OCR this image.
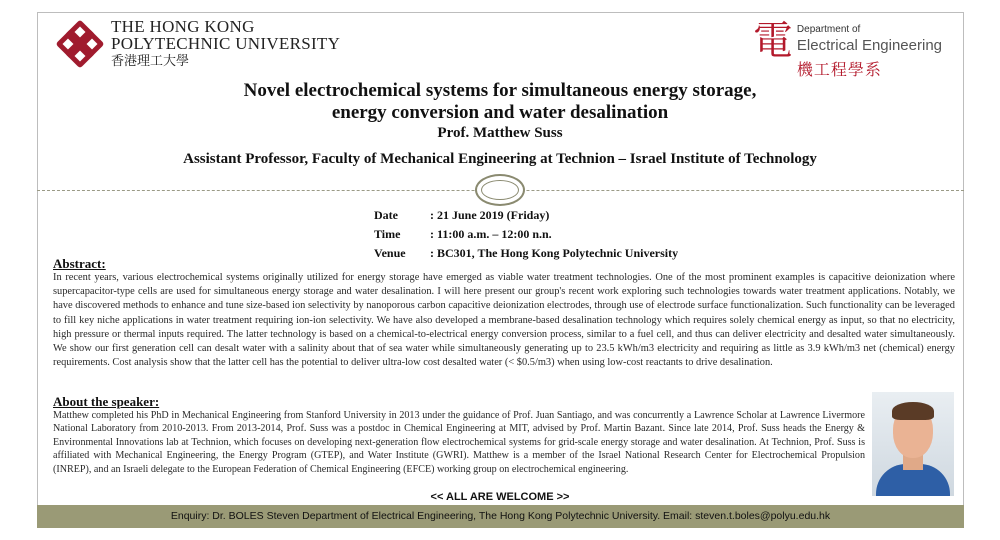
THE HONG KONG
POLYTECHNIC UNIVERSITY
香港理工大學	電 Department of
Electrical Engineering
機工程學系
Novel electrochemical systems for simultaneous energy storage,
energy conversion and water desalination
Prof. Matthew Suss
Assistant Professor, Faculty of Mechanical Engineering at Technion – Israel Institute of Technology
Date	: 21 June 2019 (Friday)
Time	: 11:00 a.m. – 12:00 n.n.
Venue	: BC301, The Hong Kong Polytechnic University
Abstract:
In recent years, various electrochemical systems originally utilized for energy storage have emerged as viable water treatment technologies. One of the most prominent examples is capacitive deionization where supercapacitor-type cells are used for simultaneous energy storage and water desalination. I will here present our group's recent work exploring such technologies towards water treatment applications. Notably, we have discovered methods to enhance and tune size-based ion selectivity by nanoporous carbon capacitive deionization electrodes, through use of electrode surface functionalization. Such functionality can be leveraged to fill key niche applications in water treatment requiring ion-ion selectivity. We have also developed a membrane-based desalination technology which requires solely chemical energy as input, so that no electricity, high pressure or thermal inputs required. The latter technology is based on a chemical-to-electrical energy conversion process, similar to a fuel cell, and thus can deliver electricity and desalted water simultaneously. We show our first generation cell can desalt water with a salinity about that of sea water while simultaneously generating up to 23.5 kWh/m3 electricity and requiring as little as 3.9 kWh/m3 net (chemical) energy requirements. Cost analysis show that the latter cell has the potential to deliver ultra-low cost desalted water (< $0.5/m3) when using low-cost reactants to drive desalination.
About the speaker:
Matthew completed his PhD in Mechanical Engineering from Stanford University in 2013 under the guidance of Prof. Juan Santiago, and was concurrently a Lawrence Scholar at Lawrence Livermore National Laboratory from 2010-2013. From 2013-2014, Prof. Suss was a postdoc in Chemical Engineering at MIT, advised by Prof. Martin Bazant. Since late 2014, Prof. Suss heads the Energy & Environmental Innovations lab at Technion, which focuses on developing next-generation flow electrochemical systems for grid-scale energy storage and water desalination. At Technion, Prof. Suss is affiliated with Mechanical Engineering, the Energy Program (GTEP), and Water Institute (GWRI). Matthew is a member of the Israel National Research Center for Electrochemical Propulsion (INREP), and an Israeli delegate to the European Federation of Chemical Engineering (EFCE) working group on electrochemical engineering.
<< ALL ARE WELCOME >>
Enquiry: Dr. BOLES Steven Department of Electrical Engineering, The Hong Kong Polytechnic University. Email: steven.t.boles@polyu.edu.hk
